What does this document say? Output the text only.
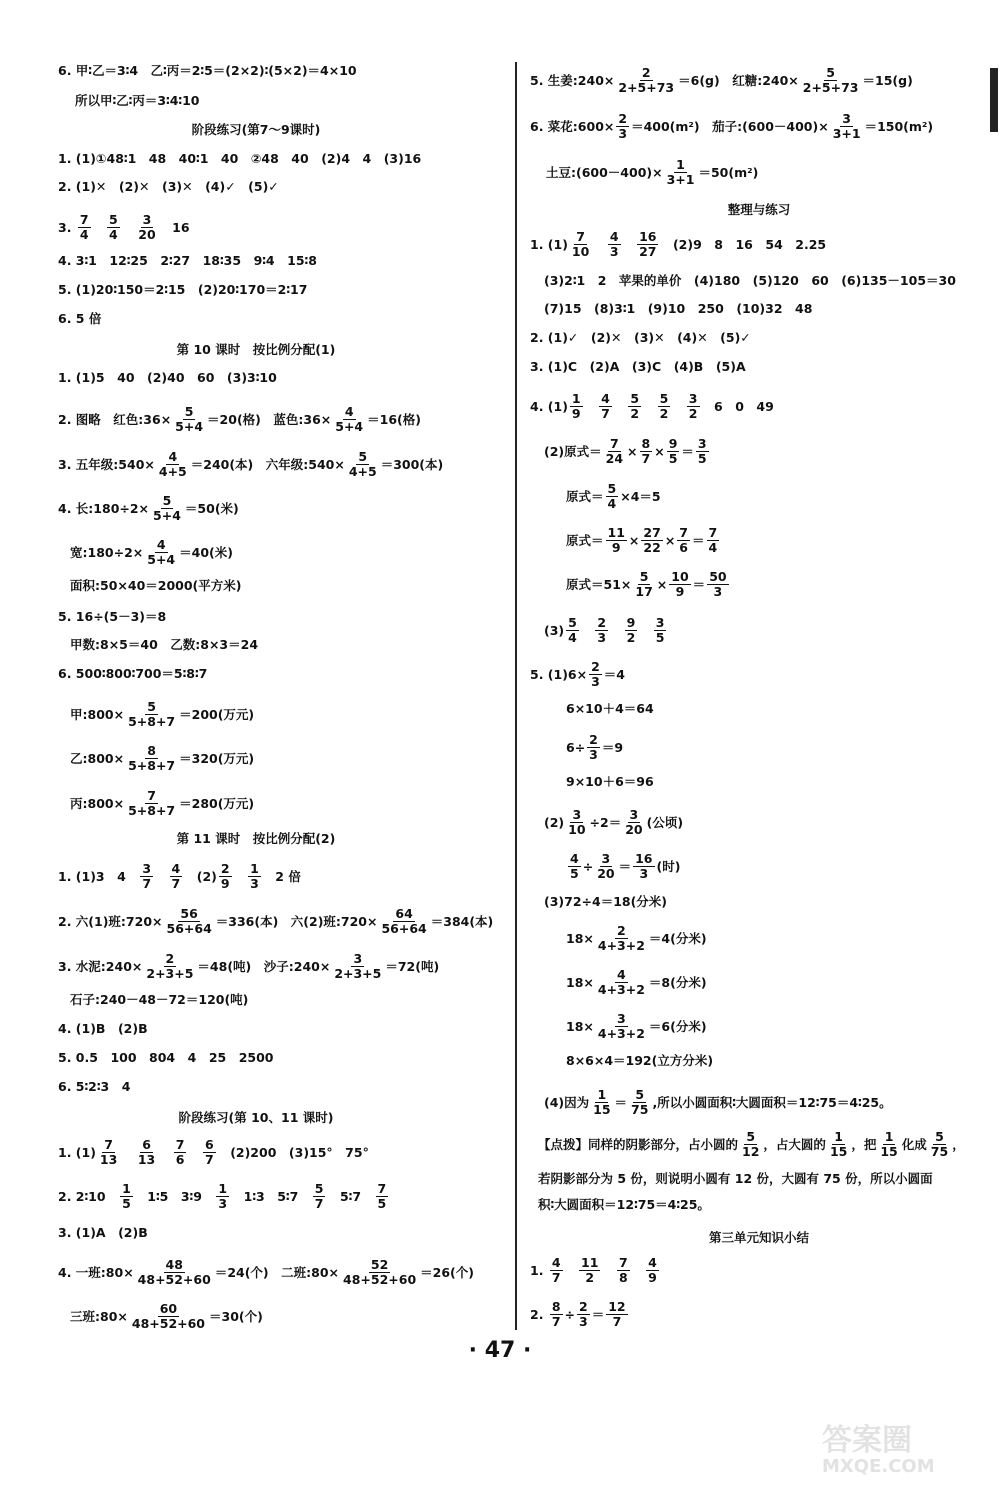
6. 甲∶乙＝3∶4　乙∶丙＝2∶5＝(2×2)∶(5×2)＝4×10
所以甲∶乙∶丙＝3∶4∶10
阶段练习(第7～9课时)
1. (1)①48∶1　48　40∶1　40　②48　40　(2)4　4　(3)16
2. (1)✕　(2)✕　(3)✕　(4)✓　(5)✓
3. $\frac{7}{4}$
　 $\frac{5}{4}$
　 $\frac{3}{20}$ 　16
4. 3∶1　12∶25　2∶27　18∶35　9∶4　15∶8
5. (1)20∶150＝2∶15　(2)20∶170＝2∶17
6. 5 倍
第 10 课时　按比例分配(1)
1. (1)5　40　(2)40　60　(3)3∶10
2. 图略　红色:36× $\frac{5}{5+4} =20$(格)　蓝色:36× $\frac{4}{5+4} =16$(格)
3. 五年级:540× $\frac{4}{4+5} =240$(本)　六年级:540× $\frac{5}{4+5} =300$(本)
4. 长:180÷2× $\frac{5}{5+4} =50$(米)
宽:180÷2× $\frac{4}{5+4} =40$(米)
面积:50×40＝2000(平方米)
5. 16÷(5－3)＝8
甲数:8×5＝40　乙数:8×3＝24
6. 500∶800∶700＝5∶8∶7
甲:800× $\frac{5}{5+8+7} =200$(万元)
乙:800× $\frac{8}{5+8+7} =320$(万元)
丙:800× $\frac{7}{5+8+7} =280$(万元)
第 11 课时　按比例分配(2)
1. (1)3　4　 $\frac{3}{7}$
　 $\frac{4}{7}$ 　$(2) \frac{2}{9}$
　 $\frac{1}{3}$ 　2 倍
2. 六(1)班:720× $\frac{56}{56+64} =336$(本)　六(2)班:720× $\frac{64}{56+64} =384$(本)
3. 水泥:240× $\frac{2}{2+3+5} =48$(吨)　沙子:240× $\frac{3}{2+3+5} =72$(吨)
石子:240－48－72＝120(吨)
4. (1)B　(2)B
5. 0.5　100　804　4　25　2500
6. 5∶2∶3　4
阶段练习(第 10、11 课时)
1. $(1) \frac{7}{13}$
　 $\frac{6}{13}$
　 $\frac{7}{6}$
　 $\frac{6}{7}$ 　(2)200　(3)15°　75°
2. 2∶10　 $\frac{1}{5}$ 　1∶5　3∶9　 $\frac{1}{3}$ 　1∶3　5∶7　 $\frac{5}{7}$ 　5∶7　 $\frac{7}{5}$
3. (1)A　(2)B
4. 一班:80× $\frac{48}{48+52+60} =24$(个)　二班:80× $\frac{52}{48+52+60} =26$(个)
三班:80× $\frac{60}{48+52+60} =30$(个)
5. 生姜:240× $\frac{2}{2+5+73} =6(g)$　红糖:240× $\frac{5}{2+5+73} =15(g)$
6. 菜花:600× $\frac{2}{3} =400(m^2)$　茄子:(600－400)× $\frac{3}{3+1} =150(m^2)$
土豆:(600－400)× $\frac{1}{3+1} =50(m^2)$
整理与练习
1. $(1) \frac{7}{10}$
　 $\frac{4}{3}$
　 $\frac{16}{27}$ 　(2)9　8　16　54　2.25
(3)2∶1　2　苹果的单价　(4)180　(5)120　60　(6)135－105＝30
(7)15　(8)3∶1　(9)10　250　(10)32　48
2. (1)✓　(2)✕　(3)✕　(4)✕　(5)✓
3. (1)C　(2)A　(3)C　(4)B　(5)A
4. $(1) \frac{1}{9}$
　 $\frac{4}{7}$
　 $\frac{5}{2}$
　 $\frac{5}{2}$
　 $\frac{3}{2}$ 　6　0　49
(2)原式＝ $\frac{7}{24} \times \frac{8}{7} \times \frac{9}{5} = \frac{3}{5}$
原式＝ $\frac{5}{4} \times 4=5$
原式＝ $\frac{11}{9} \times \frac{27}{22} \times \frac{7}{6} = \frac{7}{4}$
原式$=51\times \frac{5}{17} \times \frac{10}{9} = \frac{50}{3}$
$(3) \frac{5}{4}$
　 $\frac{2}{3}$
　 $\frac{9}{2}$
　 $\frac{3}{5}$
5. $(1)6\times \frac{2}{3} =4$
6×10＋4＝64
$6\div \frac{2}{3} =9$
9×10＋6＝96
$(2) \frac{3}{10} \div 2= \frac{3}{20}$ (公顷)
$\frac{4}{5} \div \frac{3}{20} = \frac{16}{3}$ (时)
(3)72÷4＝18(分米)
$18\times \frac{2}{4+3+2} =4$(分米)
$18\times \frac{4}{4+3+2} =8$(分米)
$18\times \frac{3}{4+3+2} =6$(分米)
8×6×4＝192(立方分米)
(4)因为 $\frac{1}{15} = \frac{5}{75}$ ,所以小圆面积∶大圆面积＝12∶75＝4∶25。
【点拨】同样的阴影部分，占小圆的 $\frac{5}{12}$ ，占大圆的 $\frac{1}{15}$ ，把 $\frac{1}{15}$ 化成 $\frac{5}{75}$ ，
若阴影部分为 5 份，则说明小圆有 12 份，大圆有 75 份，所以小圆面
积∶大圆面积＝12∶75＝4∶25。
第三单元知识小结
1. $\frac{4}{7}$
　 $\frac{11}{2}$
　 $\frac{7}{8}$
　 $\frac{4}{9}$
2. $\frac{8}{7} \div \frac{2}{3} = \frac{12}{7}$
· 47 ·
答案圈
MXQE.COM
